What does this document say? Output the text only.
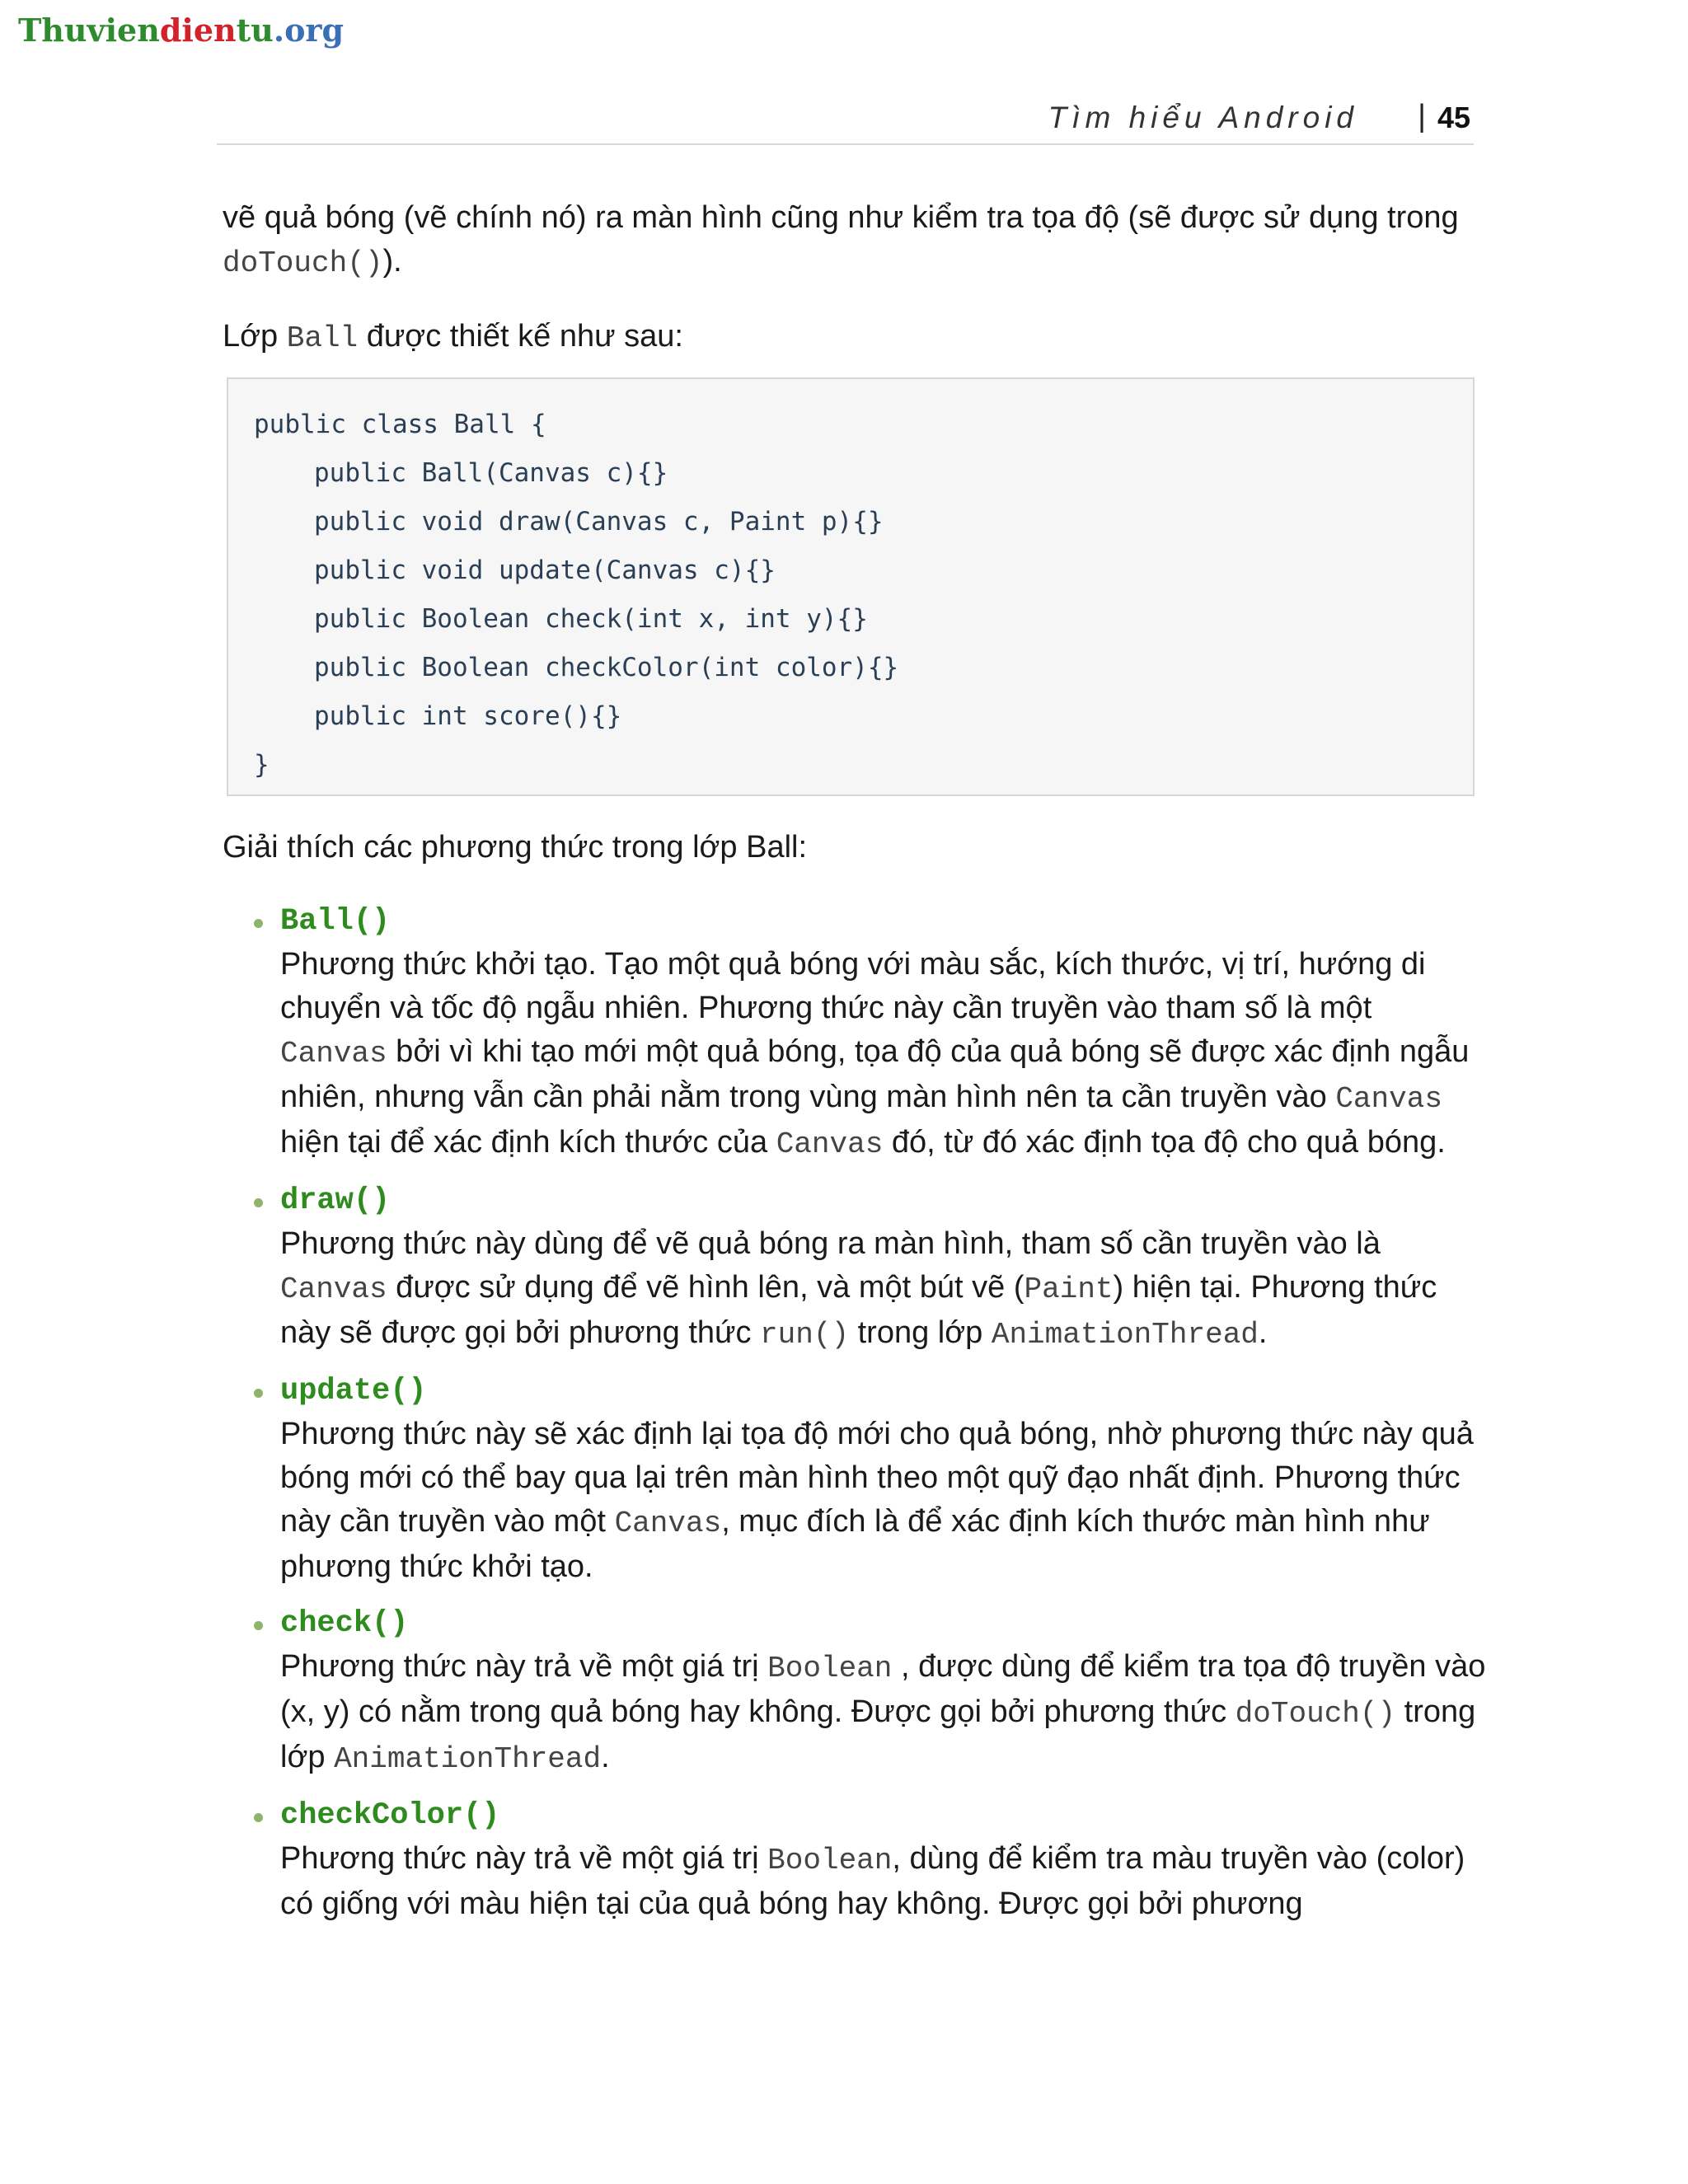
Thuviendientu.org
Tìm hiểu Android | 45

vẽ quả bóng (vẽ chính nó) ra màn hình cũng như kiểm tra tọa độ (sẽ được sử dụng trong doTouch()).

Lớp Ball được thiết kế như sau:

public class Ball {
public Ball(Canvas c){}
public void draw(Canvas c, Paint p){}
public void update(Canvas c){}
public Boolean check(int x, int y){}
public Boolean checkColor(int color){}
public int score(){}
}
Giải thích các phương thức trong lớp Ball:
Ball()
Phương thức khởi tạo. Tạo một quả bóng với màu sắc, kích thước, vị trí, hướng di chuyển và tốc độ ngẫu nhiên. Phương thức này cần truyền vào tham số là một Canvas bởi vì khi tạo mới một quả bóng, tọa độ của quả bóng sẽ được xác định ngẫu nhiên, nhưng vẫn cần phải nằm trong vùng màn hình nên ta cần truyền vào Canvas hiện tại để xác định kích thước của Canvas đó, từ đó xác định tọa độ cho quả bóng.
draw()
Phương thức này dùng để vẽ quả bóng ra màn hình, tham số cần truyền vào là Canvas được sử dụng để vẽ hình lên, và một bút vẽ (Paint) hiện tại. Phương thức này sẽ được gọi bởi phương thức run() trong lớp AnimationThread.
update()
Phương thức này sẽ xác định lại tọa độ mới cho quả bóng, nhờ phương thức này quả bóng mới có thể bay qua lại trên màn hình theo một quỹ đạo nhất định. Phương thức này cần truyền vào một Canvas, mục đích là để xác định kích thước màn hình như phương thức khởi tạo.
check()
Phương thức này trả về một giá trị Boolean , được dùng để kiểm tra tọa độ truyền vào (x, y) có nằm trong quả bóng hay không. Được gọi bởi phương thức doTouch() trong lớp AnimationThread.
checkColor()
Phương thức này trả về một giá trị Boolean, dùng để kiểm tra màu truyền vào (color) có giống với màu hiện tại của quả bóng hay không. Được gọi bởi phương
